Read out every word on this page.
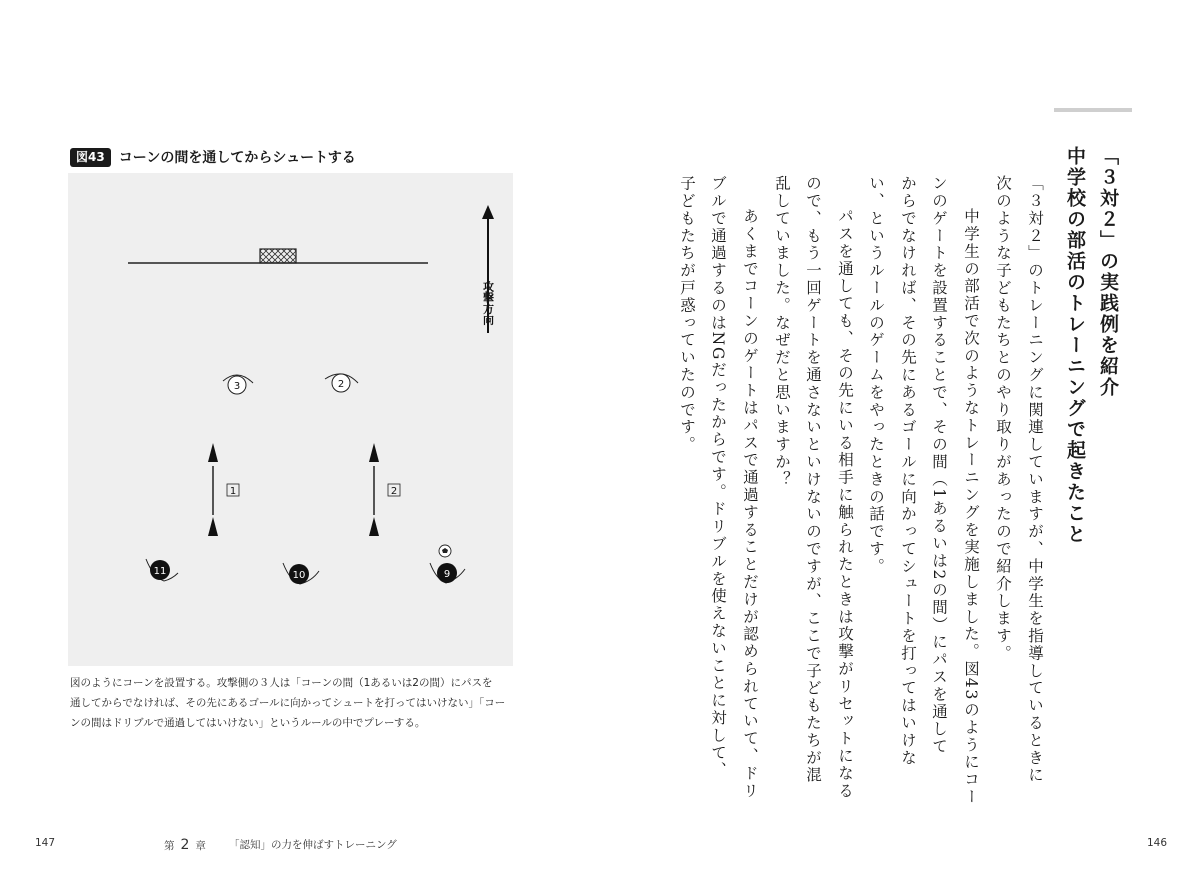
図43	コーンの間を通してからシュートする
攻撃方向
3	2
1	2
11	10	9

図のようにコーンを設置する。攻撃側の３人は「コーンの間（1あるいは2の間）にパスを

通してからでなければ、その先にあるゴールに向かってシュートを打ってはいけない」「コー

ンの間はドリブルで通過してはいけない」というルールの中でプレーする。

「３対２」の実践例を紹介
中学校の部活のトレーニングで起きたこと
「３対２」のトレーニングに関連していますが、中学生を指導しているときに
次のような子どもたちとのやり取りがあったので紹介します。
中学生の部活で次のようなトレーニングを実施しました。図43のようにコー
ンのゲートを設置することで、その間（1あるいは2の間）にパスを通して
からでなければ、その先にあるゴールに向かってシュートを打ってはいけな
い、というルールのゲームをやったときの話です。
パスを通しても、その先にいる相手に触られたときは攻撃がリセットになる
ので、もう一回ゲートを通さないといけないのですが、ここで子どもたちが混
乱していました。なぜだと思いますか？
あくまでコーンのゲートはパスで通過することだけが認められていて、ドリ
ブルで通過するのはNGだったからです。ドリブルを使えないことに対して、
子どもたちが戸惑っていたのです。
147	第 2 章 「認知」の力を伸ばすトレーニング	146
